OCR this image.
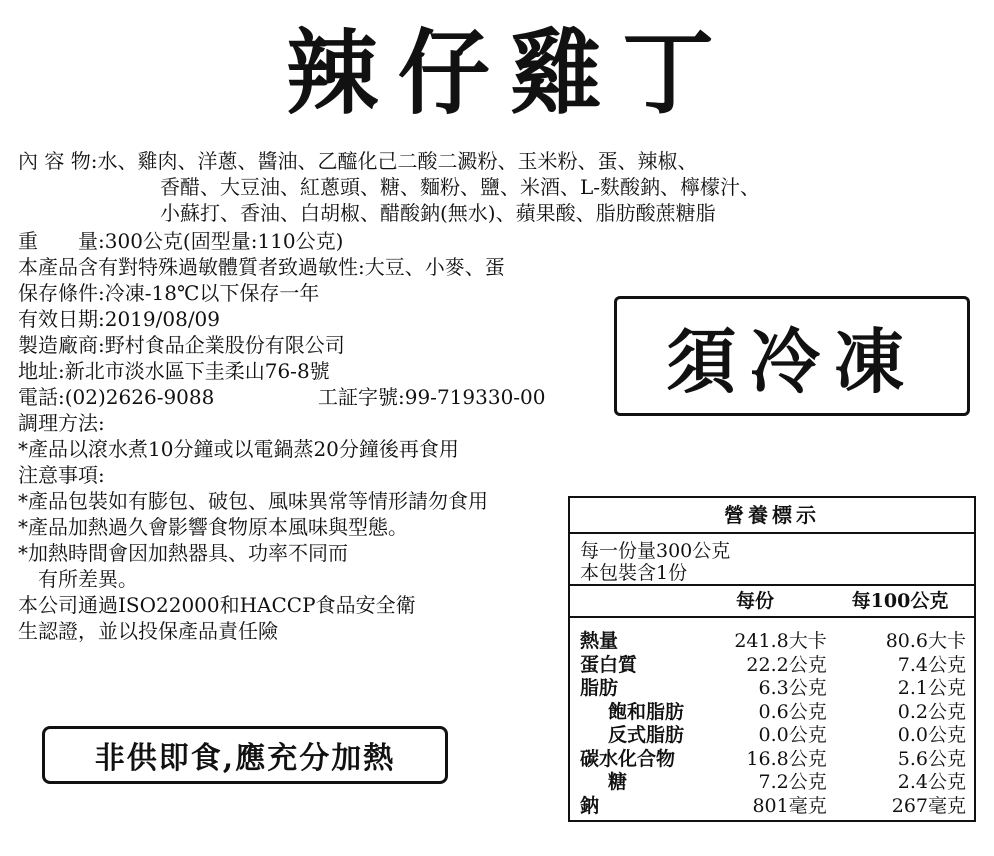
辣仔雞丁
內 容 物:水、雞肉、洋蔥、醬油、乙醯化己二酸二澱粉、玉米粉、蛋、辣椒、
香醋、大豆油、紅蔥頭、糖、麵粉、鹽、米酒、L-麩酸鈉、檸檬汁、
小蘇打、香油、白胡椒、醋酸鈉(無水)、蘋果酸、脂肪酸蔗糖脂
重　　量:300公克(固型量:110公克)
本產品含有對特殊過敏體質者致過敏性:大豆、小麥、蛋
保存條件:冷凍-18℃以下保存一年
有效日期:2019/08/09
製造廠商:野村食品企業股份有限公司
地址:新北市淡水區下圭柔山76-8號
電話:(02)2626-9088	工証字號:99-719330-00
調理方法:
*產品以滾水煮10分鐘或以電鍋蒸20分鐘後再食用
注意事項:
*產品包裝如有膨包、破包、風味異常等情形請勿食用
*產品加熱過久會影響食物原本風味與型態。
*加熱時間會因加熱器具、功率不同而
　有所差異。
本公司通過ISO22000和HACCP食品安全衛
生認證，並以投保產品責任險
須冷凍
非供即食,應充分加熱
營養標示
每一份量300公克
本包裝含1份
每份	每100公克
熱量	241.8大卡	80.6大卡
蛋白質	22.2公克	7.4公克
脂肪	6.3公克	2.1公克
飽和脂肪	0.6公克	0.2公克
反式脂肪	0.0公克	0.0公克
碳水化合物	16.8公克	5.6公克
糖	7.2公克	2.4公克
鈉	801毫克	267毫克
